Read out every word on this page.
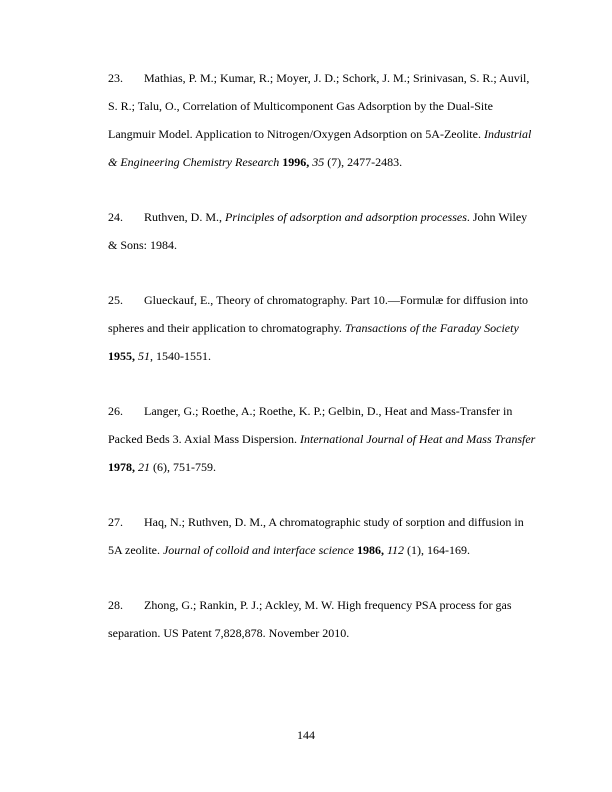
23. Mathias, P. M.; Kumar, R.; Moyer, J. D.; Schork, J. M.; Srinivasan, S. R.; Auvil,
S. R.; Talu, O., Correlation of Multicomponent Gas Adsorption by the Dual-Site
Langmuir Model. Application to Nitrogen/Oxygen Adsorption on 5A-Zeolite. Industrial
& Engineering Chemistry Research 1996, 35 (7), 2477-2483.
24. Ruthven, D. M., Principles of adsorption and adsorption processes. John Wiley
& Sons: 1984.
25. Glueckauf, E., Theory of chromatography. Part 10.—Formulæ for diffusion into
spheres and their application to chromatography. Transactions of the Faraday Society
1955, 51, 1540-1551.
26. Langer, G.; Roethe, A.; Roethe, K. P.; Gelbin, D., Heat and Mass-Transfer in
Packed Beds 3. Axial Mass Dispersion. International Journal of Heat and Mass Transfer
1978, 21 (6), 751-759.
27. Haq, N.; Ruthven, D. M., A chromatographic study of sorption and diffusion in
5A zeolite. Journal of colloid and interface science 1986, 112 (1), 164-169.
28. Zhong, G.; Rankin, P. J.; Ackley, M. W. High frequency PSA process for gas
separation. US Patent 7,828,878. November 2010.
144
